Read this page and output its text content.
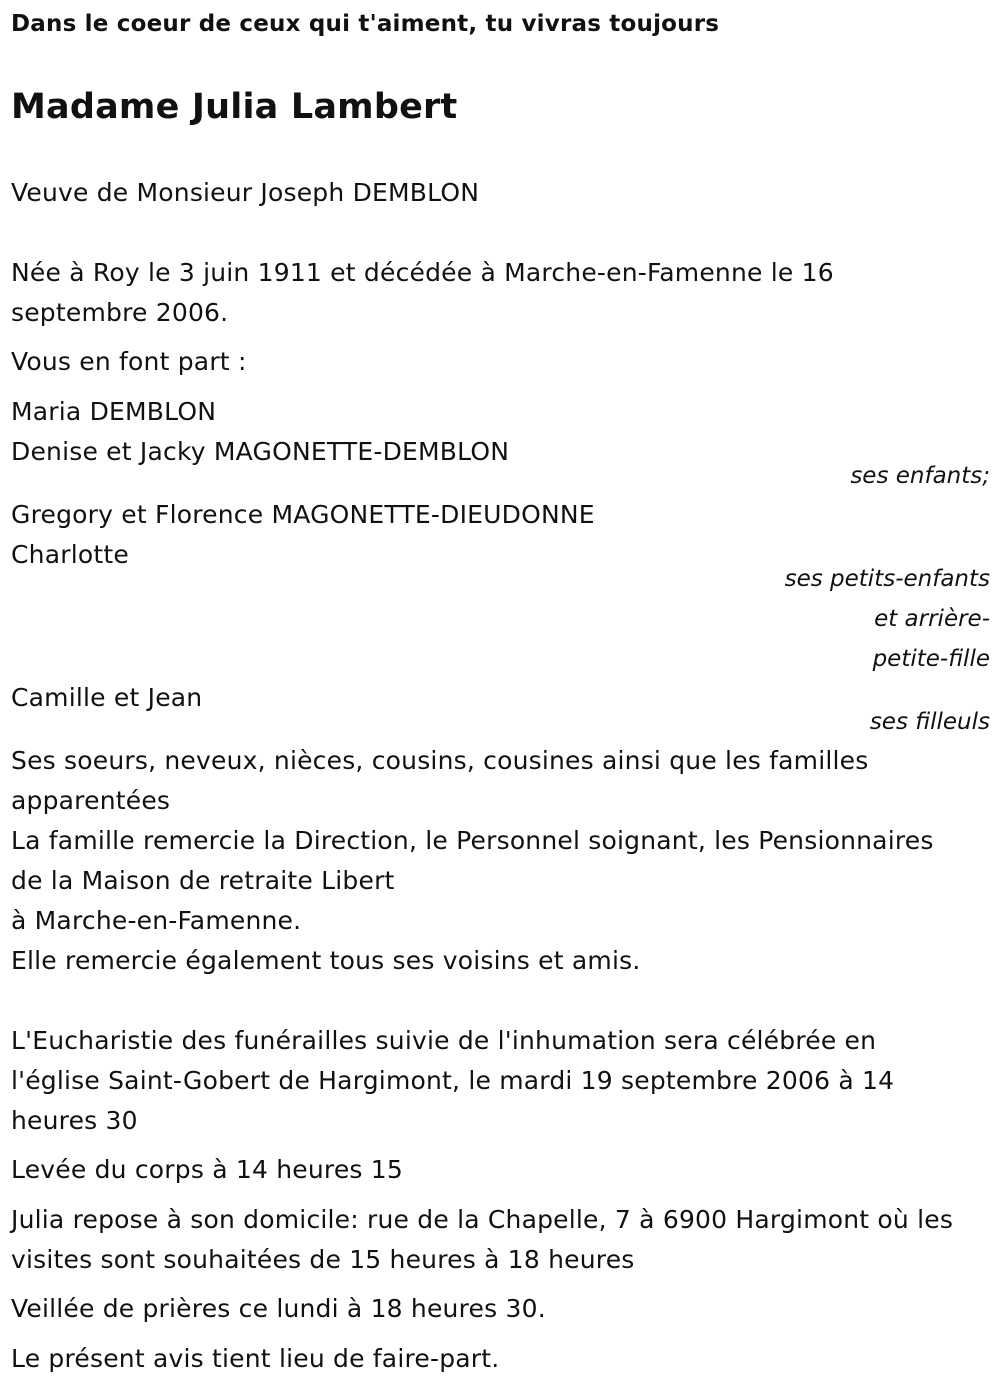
Dans le coeur de ceux qui t'aiment, tu vivras toujours

Madame Julia Lambert

Veuve de Monsieur Joseph DEMBLON

Née à Roy le 3 juin 1911 et décédée à Marche-en-Famenne le 16

septembre 2006.

Vous en font part :

Maria DEMBLON

Denise et Jacky MAGONETTE-DEMBLON

ses enfants;

Gregory et Florence MAGONETTE-DIEUDONNE

Charlotte

ses petits-enfants

et arrière-

petite-fille

Camille et Jean

ses filleuls

Ses soeurs, neveux, nièces, cousins, cousines ainsi que les familles

apparentées

La famille remercie la Direction, le Personnel soignant, les Pensionnaires

de la Maison de retraite Libert

à Marche-en-Famenne.

Elle remercie également tous ses voisins et amis.

L'Eucharistie des funérailles suivie de l'inhumation sera célébrée en

l'église Saint-Gobert de Hargimont, le mardi 19 septembre 2006 à 14

heures 30

Levée du corps à 14 heures 15

Julia repose à son domicile: rue de la Chapelle, 7 à 6900 Hargimont où les

visites sont souhaitées de 15 heures à 18 heures

Veillée de prières ce lundi à 18 heures 30.

Le présent avis tient lieu de faire-part.
